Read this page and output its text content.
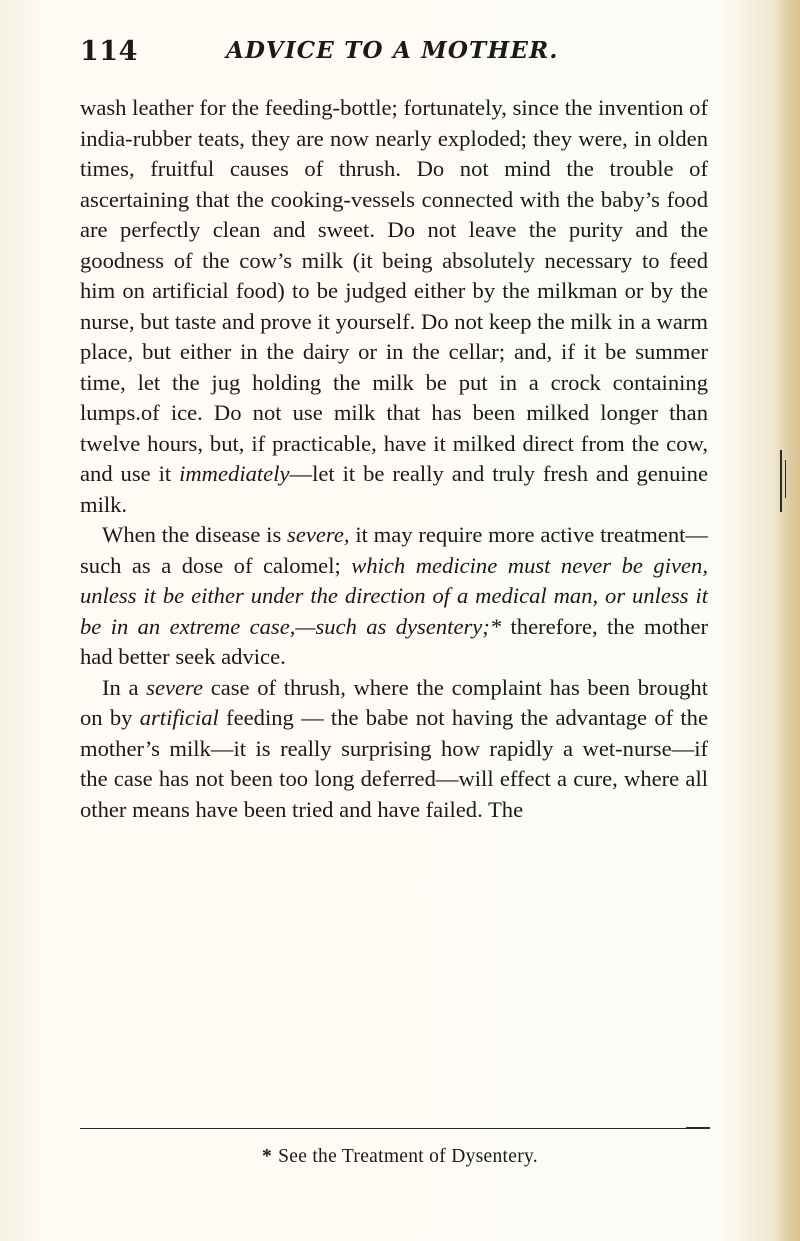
114	ADVICE TO A MOTHER.

wash leather for the feeding-bottle; fortunately, since the invention of india-rubber teats, they are now nearly exploded; they were, in olden times, fruitful causes of thrush. Do not mind the trouble of ascertaining that the cooking-vessels connected with the baby’s food are perfectly clean and sweet. Do not leave the purity and the goodness of the cow’s milk (it being absolutely necessary to feed him on artificial food) to be judged either by the milkman or by the nurse, but taste and prove it yourself. Do not keep the milk in a warm place, but either in the dairy or in the cellar; and, if it be summer time, let the jug holding the milk be put in a crock containing lumps.of ice. Do not use milk that has been milked longer than twelve hours, but, if practicable, have it milked direct from the cow, and use it immediately—let it be really and truly fresh and genuine milk.

When the disease is severe, it may require more active treatment—such as a dose of calomel; which medicine must never be given, unless it be either under the direction of a medical man, or unless it be in an extreme case,—such as dysentery;* therefore, the mother had better seek advice.

In a severe case of thrush, where the complaint has been brought on by artificial feeding — the babe not having the advantage of the mother’s milk—it is really surprising how rapidly a wet-nurse—if the case has not been too long deferred—will effect a cure, where all other means have been tried and have failed. The

* See the Treatment of Dysentery.
